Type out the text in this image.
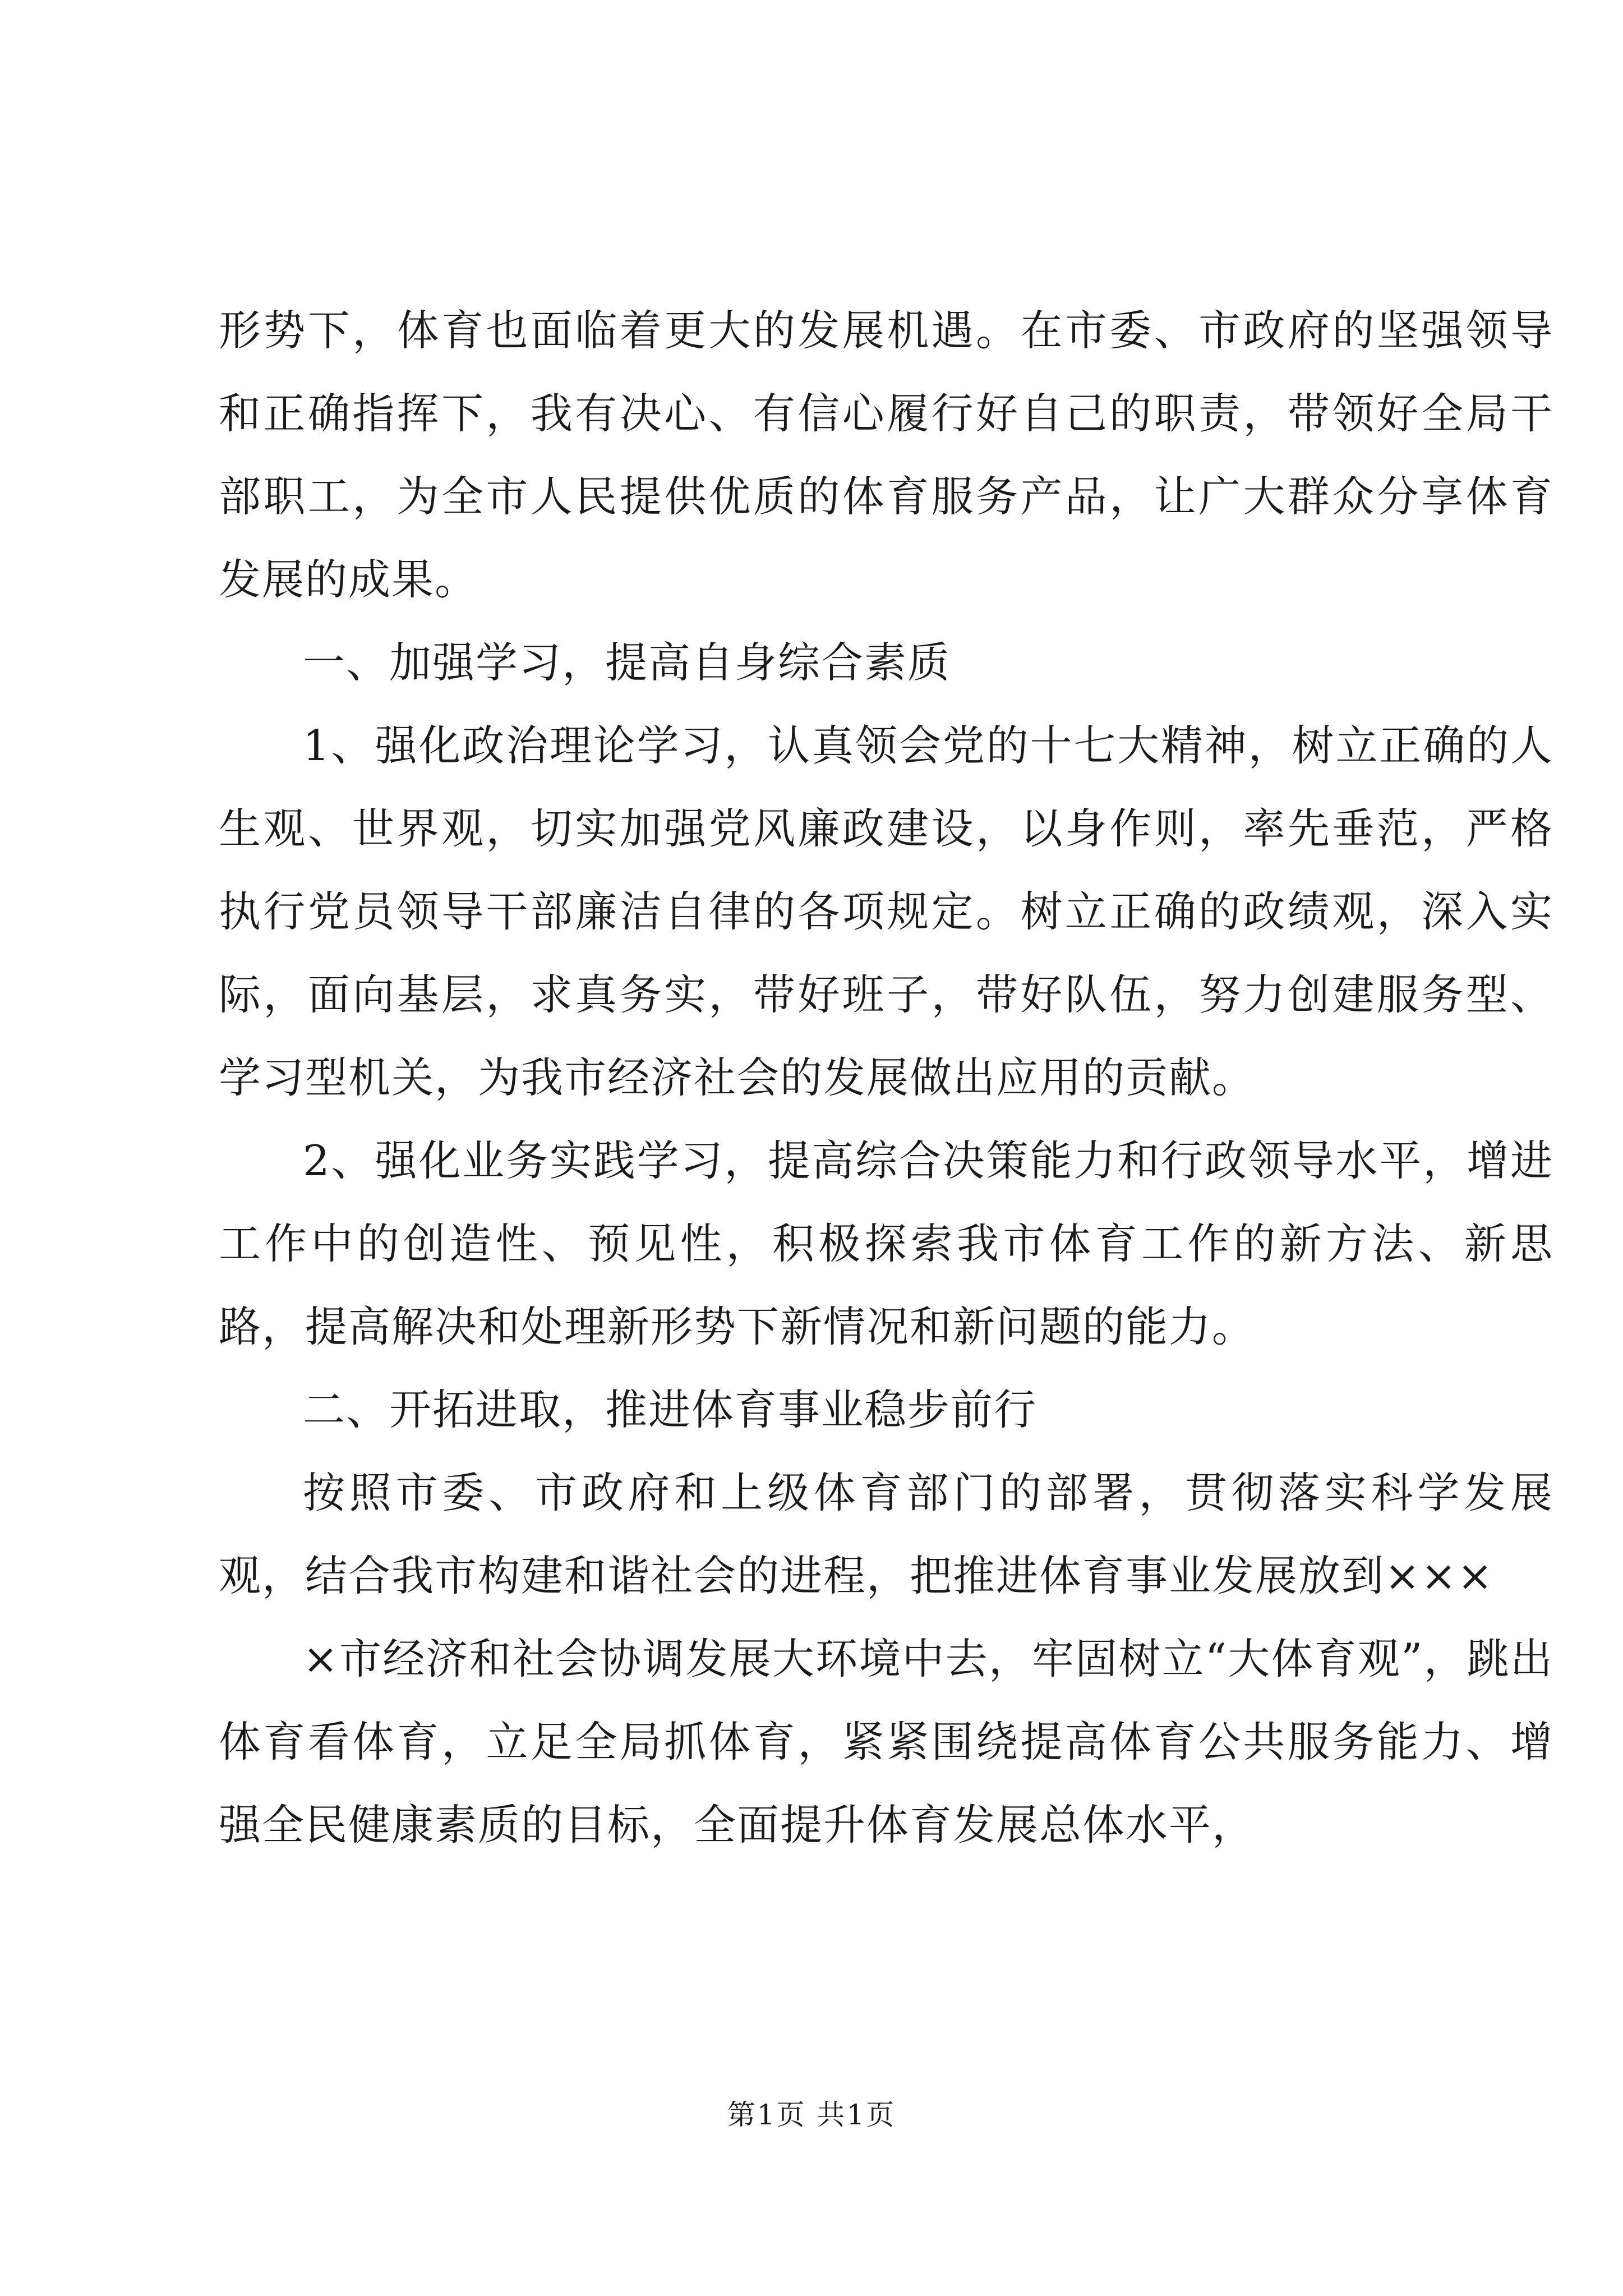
形势下，体育也面临着更大的发展机遇。在市委、市政府的坚强领导和正确指挥下，我有决心、有信心履行好自己的职责，带领好全局干部职工，为全市人民提供优质的体育服务产品，让广大群众分享体育发展的成果。

一、加强学习，提高自身综合素质

1、强化政治理论学习，认真领会党的十七大精神，树立正确的人生观、世界观，切实加强党风廉政建设，以身作则，率先垂范，严格执行党员领导干部廉洁自律的各项规定。树立正确的政绩观，深入实际，面向基层，求真务实，带好班子，带好队伍，努力创建服务型、学习型机关，为我市经济社会的发展做出应用的贡献。

2、强化业务实践学习，提高综合决策能力和行政领导水平，增进工作中的创造性、预见性，积极探索我市体育工作的新方法、新思路，提高解决和处理新形势下新情况和新问题的能力。

二、开拓进取，推进体育事业稳步前行

按照市委、市政府和上级体育部门的部署，贯彻落实科学发展观，结合我市构建和谐社会的进程，把推进体育事业发展放到×××

×市经济和社会协调发展大环境中去，牢固树立“大体育观”，跳出体育看体育，立足全局抓体育，紧紧围绕提高体育公共服务能力、增强全民健康素质的目标，全面提升体育发展总体水平，

第1页 共1页
